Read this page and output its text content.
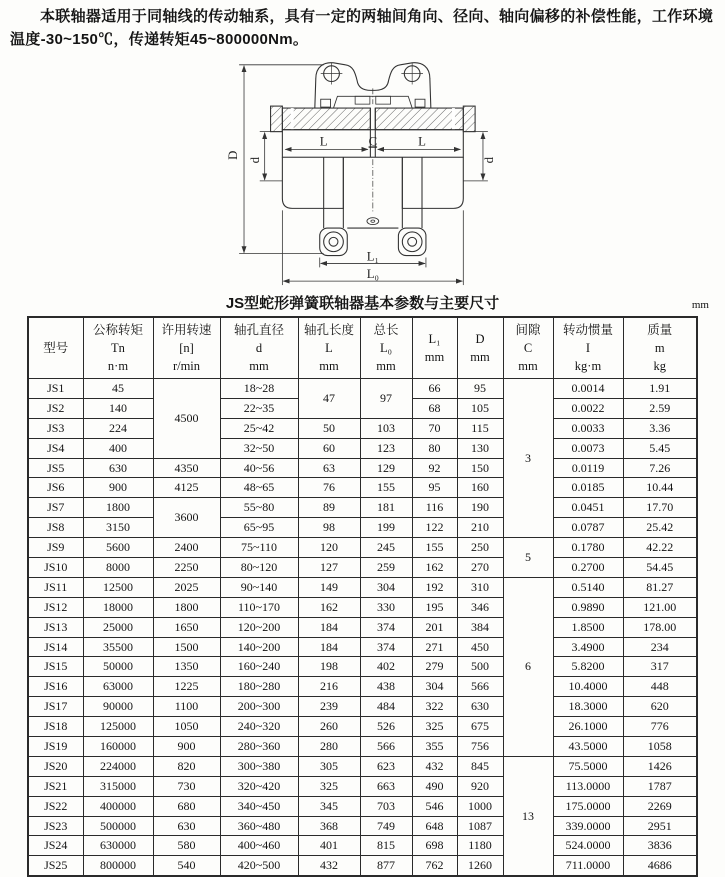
本联轴器适用于同轴线的传动轴系，具有一定的两轴间角向、径向、轴向偏移的补偿性能，工作环境温度-30~150℃，传递转矩45~800000Nm。

D
d	d
L	C	L
L₁
L₀
JS型蛇形弹簧联轴器基本参数与主要尺寸	mm
型号	公称转矩
Tn
n·m	许用转速
[n]
r/min	轴孔直径
d
mm	轴孔长度
L
mm	总长
L₀
mm	L₁
mm	D
mm	间隙
C
mm	转动惯量
I
kg·m	质量
m
kg
JS1	45	4500	18~28	47	97	66	95	3	0.0014	1.91
JS2	140		22~35			68	105		0.0022	2.59
JS3	224		25~42	50	103	70	115		0.0033	3.36
JS4	400		32~50	60	123	80	130		0.0073	5.45
JS5	630	4350	40~56	63	129	92	150		0.0119	7.26
JS6	900	4125	48~65	76	155	95	160		0.0185	10.44
JS7	1800	3600	55~80	89	181	116	190		0.0451	17.70
JS8	3150		65~95	98	199	122	210		0.0787	25.42
JS9	5600	2400	75~110	120	245	155	250	5	0.1780	42.22
JS10	8000	2250	80~120	127	259	162	270		0.2700	54.45
JS11	12500	2025	90~140	149	304	192	310	6	0.5140	81.27
JS12	18000	1800	110~170	162	330	195	346		0.9890	121.00
JS13	25000	1650	120~200	184	374	201	384		1.8500	178.00
JS14	35500	1500	140~200	184	374	271	450		3.4900	234
JS15	50000	1350	160~240	198	402	279	500		5.8200	317
JS16	63000	1225	180~280	216	438	304	566		10.4000	448
JS17	90000	1100	200~300	239	484	322	630		18.3000	620
JS18	125000	1050	240~320	260	526	325	675		26.1000	776
JS19	160000	900	280~360	280	566	355	756		43.5000	1058
JS20	224000	820	300~380	305	623	432	845	13	75.5000	1426
JS21	315000	730	320~420	325	663	490	920		113.0000	1787
JS22	400000	680	340~450	345	703	546	1000		175.0000	2269
JS23	500000	630	360~480	368	749	648	1087		339.0000	2951
JS24	630000	580	400~460	401	815	698	1180		524.0000	3836
JS25	800000	540	420~500	432	877	762	1260		711.0000	4686
